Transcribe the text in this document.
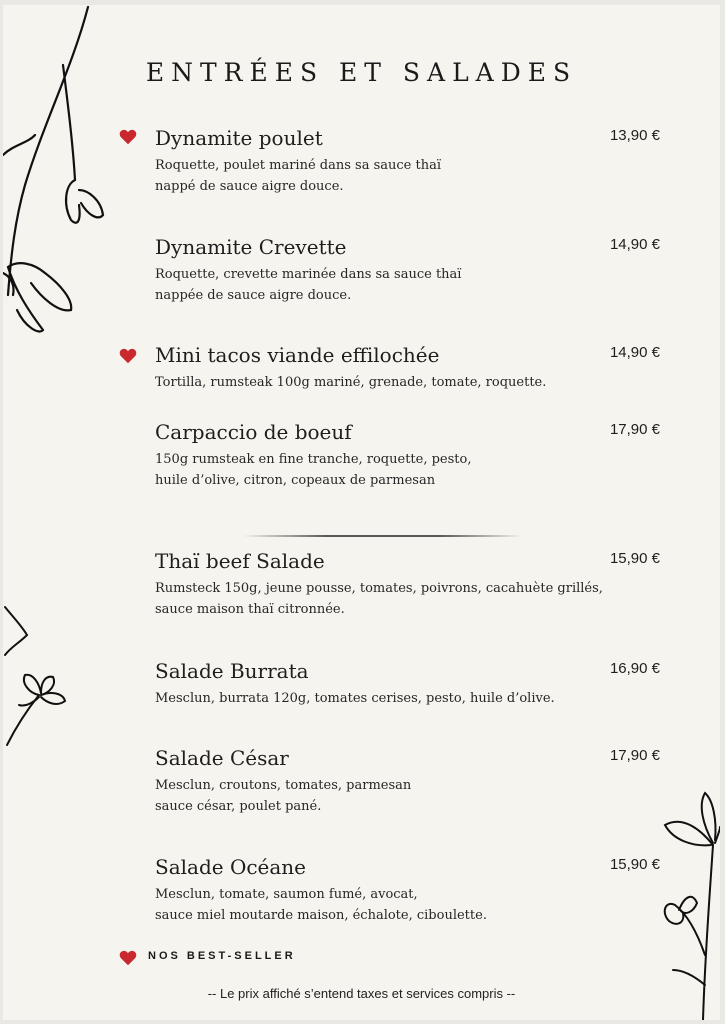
ENTRÉES ET SALADES
Dynamite poulet	13,90 €
Roquette, poulet mariné dans sa sauce thaï
nappé de sauce aigre douce.
Dynamite Crevette	14,90 €
Roquette, crevette marinée dans sa sauce thaï
nappée de sauce aigre douce.
Mini tacos viande effilochée	14,90 €
Tortilla, rumsteak 100g mariné, grenade, tomate, roquette.
Carpaccio de boeuf	17,90 €
150g rumsteak en fine tranche, roquette, pesto,
huile d’olive, citron, copeaux de parmesan
Thaï beef Salade	15,90 €
Rumsteck 150g, jeune pousse, tomates, poivrons, cacahuète grillés,
sauce maison thaï citronnée.
Salade Burrata	16,90 €
Mesclun, burrata 120g, tomates cerises, pesto, huile d’olive.
Salade César	17,90 €
Mesclun, croutons, tomates, parmesan
sauce césar, poulet pané.
Salade Océane	15,90 €
Mesclun, tomate, saumon fumé, avocat,
sauce miel moutarde maison, échalote, ciboulette.
NOS BEST-SELLER
-- Le prix affiché s’entend taxes et services compris --
